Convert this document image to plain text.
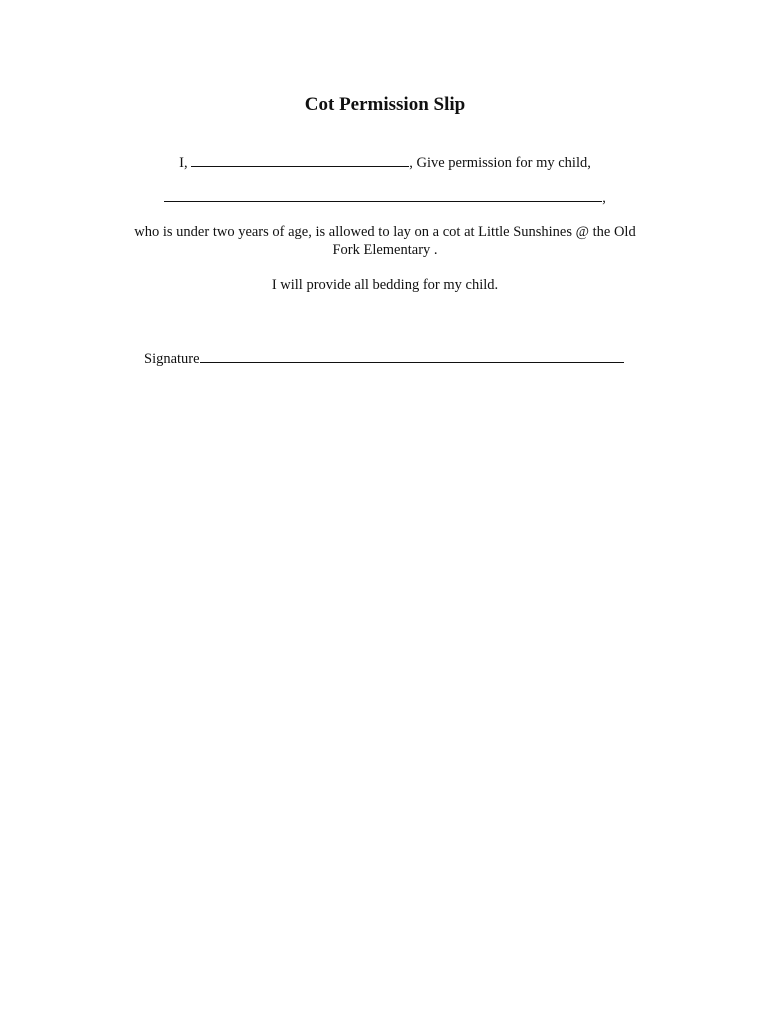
Cot Permission Slip
I,	, Give permission for my child,
,
who is under two years of age, is allowed to lay on a cot at Little Sunshines @ the Old
Fork Elementary .
I will provide all bedding for my child.
Signature
